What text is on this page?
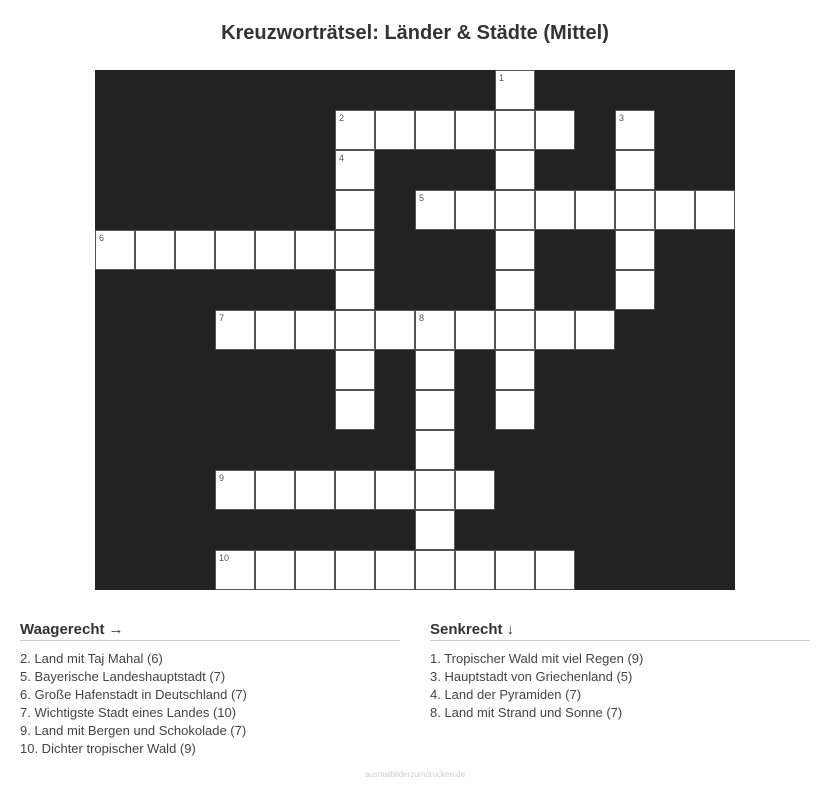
Kreuzworträtsel: Länder & Städte (Mittel)
1
2	3
4
5
6
7	8
9
10
Waagerecht →
2. Land mit Taj Mahal (6)
5. Bayerische Landeshauptstadt (7)
6. Große Hafenstadt in Deutschland (7)
7. Wichtigste Stadt eines Landes (10)
9. Land mit Bergen und Schokolade (7)
10. Dichter tropischer Wald (9)
Senkrecht ↓
1. Tropischer Wald mit viel Regen (9)
3. Hauptstadt von Griechenland (5)
4. Land der Pyramiden (7)
8. Land mit Strand und Sonne (7)
ausmalbilderzumdrucken.de
